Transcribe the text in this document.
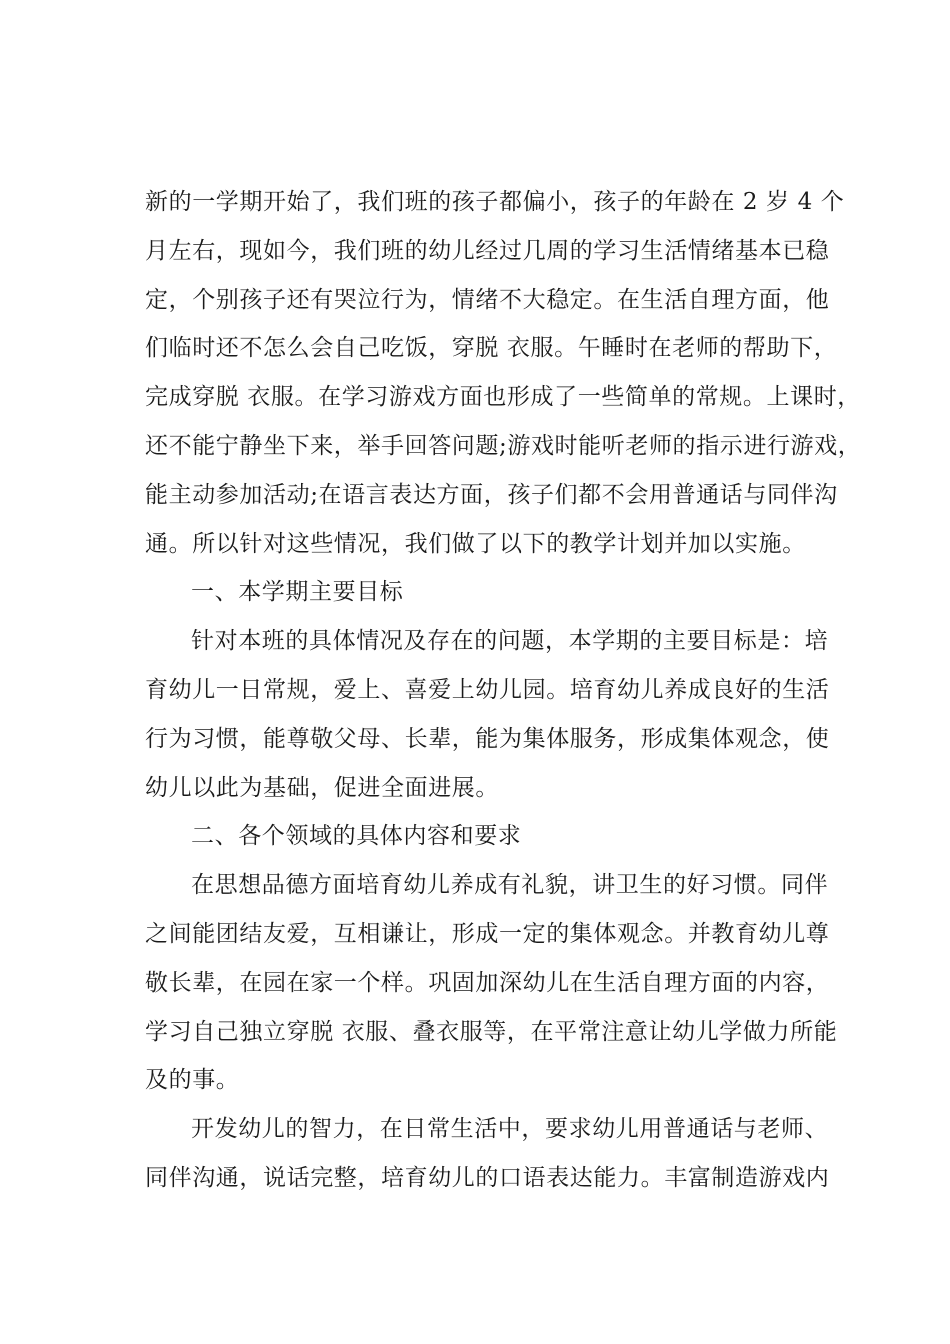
新的一学期开始了，我们班的孩子都偏小，孩子的年龄在 2 岁 4 个
月左右，现如今，我们班的幼儿经过几周的学习生活情绪基本已稳
定，个别孩子还有哭泣行为，情绪不大稳定。在生活自理方面，他
们临时还不怎么会自己吃饭，穿脱 衣服。午睡时在老师的帮助下，
完成穿脱 衣服。在学习游戏方面也形成了一些简单的常规。上课时，
还不能宁静坐下来，举手回答问题;游戏时能听老师的指示进行游戏，
能主动参加活动;在语言表达方面，孩子们都不会用普通话与同伴沟
通。所以针对这些情况，我们做了以下的教学计划并加以实施。

一、本学期主要目标

针对本班的具体情况及存在的问题，本学期的主要目标是：培
育幼儿一日常规，爱上、喜爱上幼儿园。培育幼儿养成良好的生活
行为习惯，能尊敬父母、长辈，能为集体服务，形成集体观念，使
幼儿以此为基础，促进全面进展。

二、各个领域的具体内容和要求

在思想品德方面培育幼儿养成有礼貌，讲卫生的好习惯。同伴
之间能团结友爱，互相谦让，形成一定的集体观念。并教育幼儿尊
敬长辈，在园在家一个样。巩固加深幼儿在生活自理方面的内容，
学习自己独立穿脱 衣服、叠衣服等，在平常注意让幼儿学做力所能
及的事。

开发幼儿的智力，在日常生活中，要求幼儿用普通话与老师、
同伴沟通，说话完整，培育幼儿的口语表达能力。丰富制造游戏内
